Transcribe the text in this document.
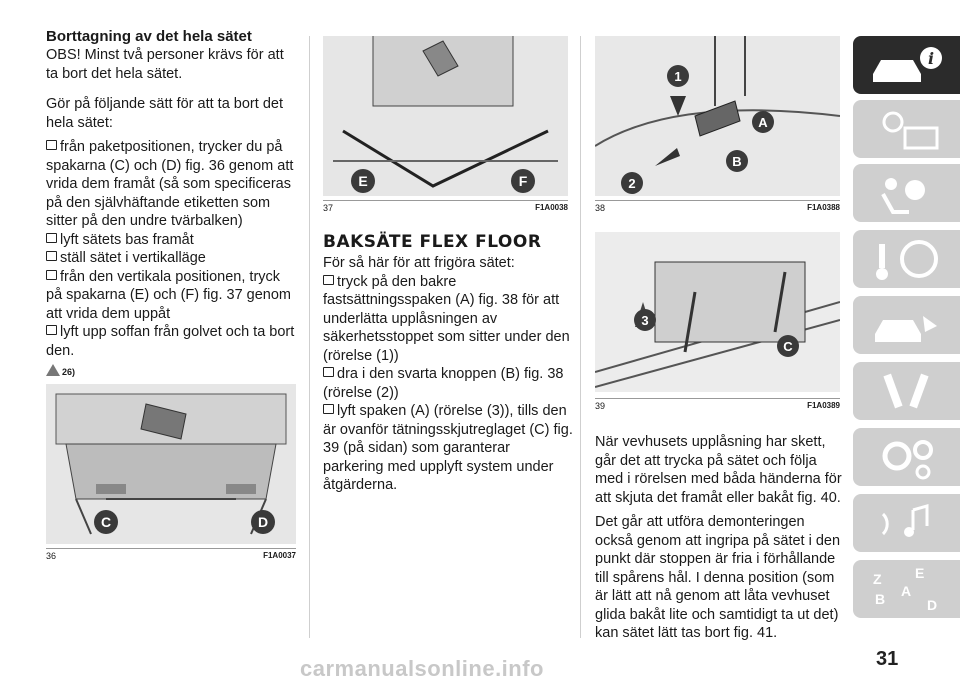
Borttagning av det hela sätet

OBS! Minst två personer krävs för att ta bort det hela sätet.

Gör på följande sätt för att ta bort det hela sätet:

från paketpositionen, trycker du på spakarna (C) och (D) fig. 36 genom att vrida dem framåt (så som specificeras på den självhäftande etiketten som sitter på den undre tvärbalken)
lyft sätets bas framåt
ställ sätet i vertikalläge
från den vertikala positionen, tryck på spakarna (E) och (F) fig. 37 genom att vrida dem uppåt
lyft upp soffan från golvet och ta bort den.
26)
C	D
36	F1A0037
E	F
37	F1A0038

BAKSÄTE FLEX FLOOR

För så här för att frigöra sätet:

tryck på den bakre fastsättningsspaken (A) fig. 38 för att underlätta upplåsningen av säkerhetsstoppet som sitter under den (rörelse (1))
dra i den svarta knoppen (B) fig. 38 (rörelse (2))
lyft spaken (A) (rörelse (3)), tills den är ovanför tätningsskjutreglaget (C) fig. 39 (på sidan) som garanterar parkering med upplyft system under åtgärderna.
1
A
B
2
38	F1A0388
3
C
39	F1A0389

När vevhusets upplåsning har skett, går det att trycka på sätet och följa med i rörelsen med båda händerna för att skjuta det framåt eller bakåt fig. 40.

Det går att utföra demonteringen också genom att ingripa på sätet i den punkt där stoppen är fria i förhållande till spårens hål. I denna position (som är lätt att nå genom att låta vevhuset glida bakåt lite och samtidigt ta ut det) kan sätet lätt tas bort fig. 41.

i
Z E
A
B	D
31
carmanualsonline.info
